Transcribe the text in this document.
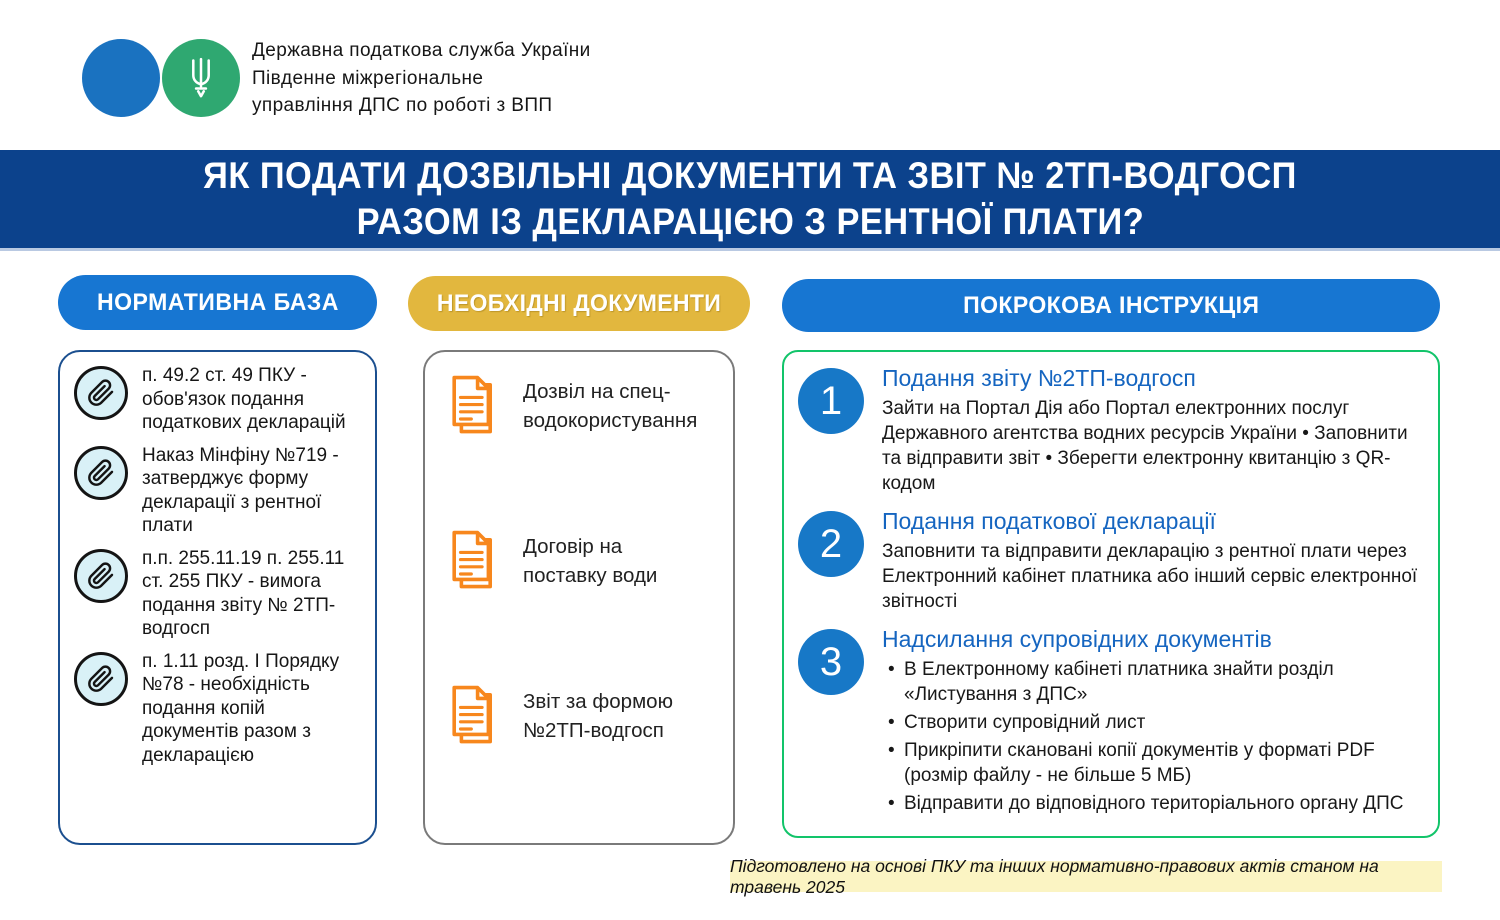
Державна податкова служба України
Південне міжрегіональне
управління ДПС по роботі з ВПП
ЯК ПОДАТИ ДОЗВІЛЬНІ ДОКУМЕНТИ ТА ЗВІТ № 2ТП-ВОДГОСП
РАЗОМ ІЗ ДЕКЛАРАЦІЄЮ З РЕНТНОЇ ПЛАТИ?
НОРМАТИВНА БАЗА	НЕОБХІДНІ ДОКУМЕНТИ	ПОКРОКОВА ІНСТРУКЦІЯ

п. 49.2 ст. 49 ПКУ - обов'язок подання податкових декларацій

Наказ Мінфіну №719 - затверджує форму декларації з рентної плати

п.п. 255.11.19 п. 255.11 ст. 255 ПКУ - вимога подання звіту № 2ТП-водгосп

п. 1.11 розд. І Порядку №78 - необхідність подання копій документів разом з декларацією

Дозвіл на спец-водокористування

Договір на поставку води

Звіт за формою №2ТП-водгосп

1
Подання звіту №2ТП-водгосп

Зайти на Портал Дія або Портал електронних послуг Державного агентства водних ресурсів України • Заповнити та відправити звіт • Зберегти електронну квитанцію з QR-кодом

2
Подання податкової декларації

Заповнити та відправити декларацію з рентної плати через Електронний кабінет платника або інший сервіс електронної звітності

3
Надсилання супровідних документів
• В Електронному кабінеті платника знайти розділ «Листування з ДПС»
• Створити супровідний лист
• Прикріпити скановані копії документів у форматі PDF (розмір файлу - не більше 5 МБ)
• Відправити до відповідного територіального органу ДПС
Підготовлено на основі ПКУ та інших нормативно-правових актів станом на травень 2025
